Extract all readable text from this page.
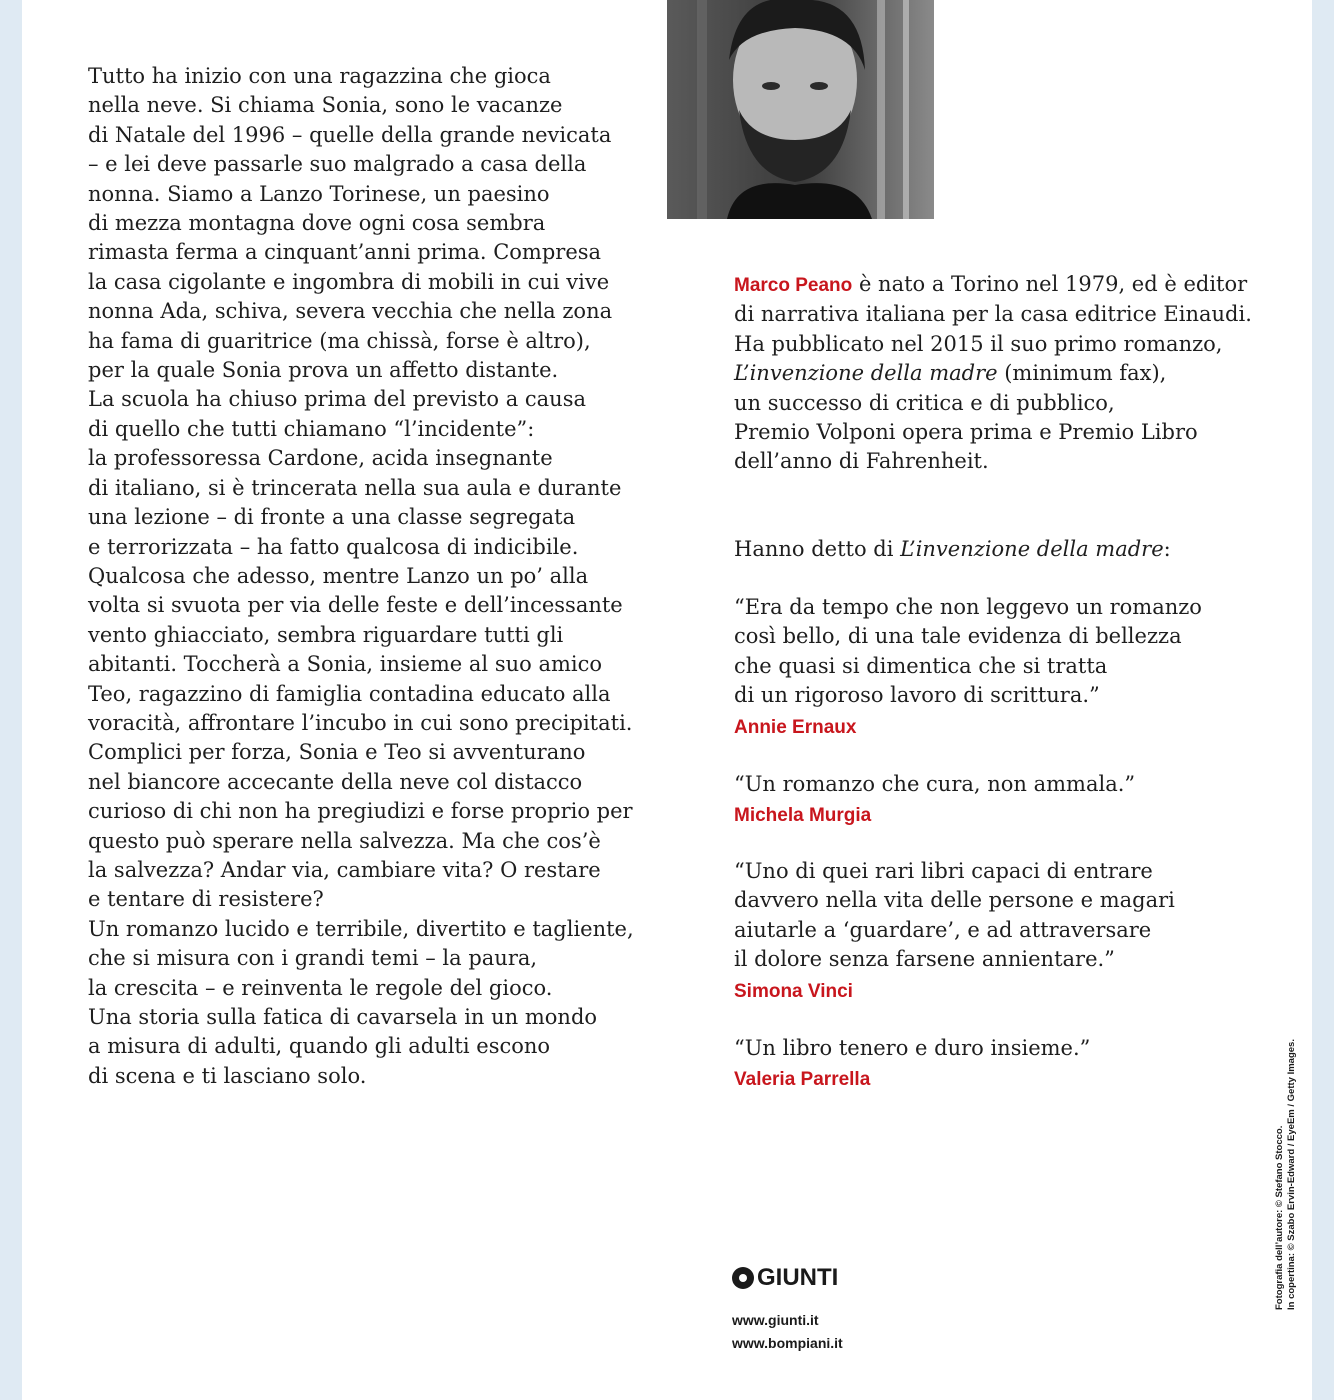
Tutto ha inizio con una ragazzina che gioca
nella neve. Si chiama Sonia, sono le vacanze
di Natale del 1996 – quelle della grande nevicata
– e lei deve passarle suo malgrado a casa della
nonna. Siamo a Lanzo Torinese, un paesino
di mezza montagna dove ogni cosa sembra
rimasta ferma a cinquant’anni prima. Compresa
la casa cigolante e ingombra di mobili in cui vive
nonna Ada, schiva, severa vecchia che nella zona
ha fama di guaritrice (ma chissà, forse è altro),
per la quale Sonia prova un affetto distante.
La scuola ha chiuso prima del previsto a causa
di quello che tutti chiamano “l’incidente”:
la professoressa Cardone, acida insegnante
di italiano, si è trincerata nella sua aula e durante
una lezione – di fronte a una classe segregata
e terrorizzata – ha fatto qualcosa di indicibile.
Qualcosa che adesso, mentre Lanzo un po’ alla
volta si svuota per via delle feste e dell’incessante
vento ghiacciato, sembra riguardare tutti gli
abitanti. Toccherà a Sonia, insieme al suo amico
Teo, ragazzino di famiglia contadina educato alla
voracità, affrontare l’incubo in cui sono precipitati.
Complici per forza, Sonia e Teo si avventurano
nel biancore accecante della neve col distacco
curioso di chi non ha pregiudizi e forse proprio per
questo può sperare nella salvezza. Ma che cos’è
la salvezza? Andar via, cambiare vita? O restare
e tentare di resistere?
Un romanzo lucido e terribile, divertito e tagliente,
che si misura con i grandi temi – la paura,
la crescita – e reinventa le regole del gioco.
Una storia sulla fatica di cavarsela in un mondo
a misura di adulti, quando gli adulti escono
di scena e ti lasciano solo.
Marco Peano è nato a Torino nel 1979, ed è editor
di narrativa italiana per la casa editrice Einaudi.
Ha pubblicato nel 2015 il suo primo romanzo,
L’invenzione della madre (minimum fax),
un successo di critica e di pubblico,
Premio Volponi opera prima e Premio Libro
dell’anno di Fahrenheit.
Hanno detto di L’invenzione della madre:
“Era da tempo che non leggevo un romanzo
così bello, di una tale evidenza di bellezza
che quasi si dimentica che si tratta
di un rigoroso lavoro di scrittura.”
Annie Ernaux
“Un romanzo che cura, non ammala.”
Michela Murgia
“Uno di quei rari libri capaci di entrare
davvero nella vita delle persone e magari
aiutarle a ‘guardare’, e ad attraversare
il dolore senza farsene annientare.”
Simona Vinci
“Un libro tenero e duro insieme.”
Valeria Parrella
GIUNTI
www.giunti.it
www.bompiani.it
Fotografia dell’autore: © Stefano Stocco. In copertina: © Szabo Ervin-Edward / EyeEm / Getty Images.
